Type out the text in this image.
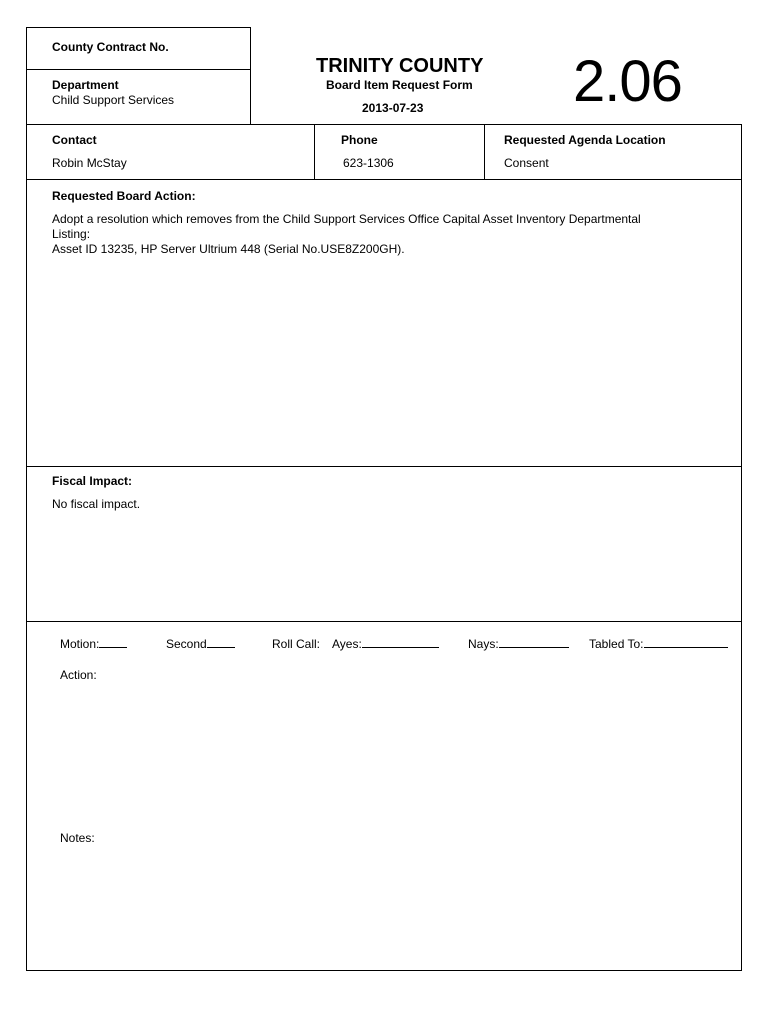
County Contract No.
Department
Child Support Services
TRINITY COUNTY
Board Item Request Form
2013-07-23	2.06
Contact
Robin McStay
Phone
623-1306
Requested Agenda Location
Consent
Requested Board Action:
Adopt a resolution which removes from the Child Support Services Office Capital Asset Inventory Departmental
Listing:
Asset ID 13235, HP Server Ultrium 448 (Serial No.USE8Z200GH).
Fiscal Impact:
No fiscal impact.
Motion:	Second	Roll Call: Ayes:	Nays:	Tabled To:
Action:
Notes:
